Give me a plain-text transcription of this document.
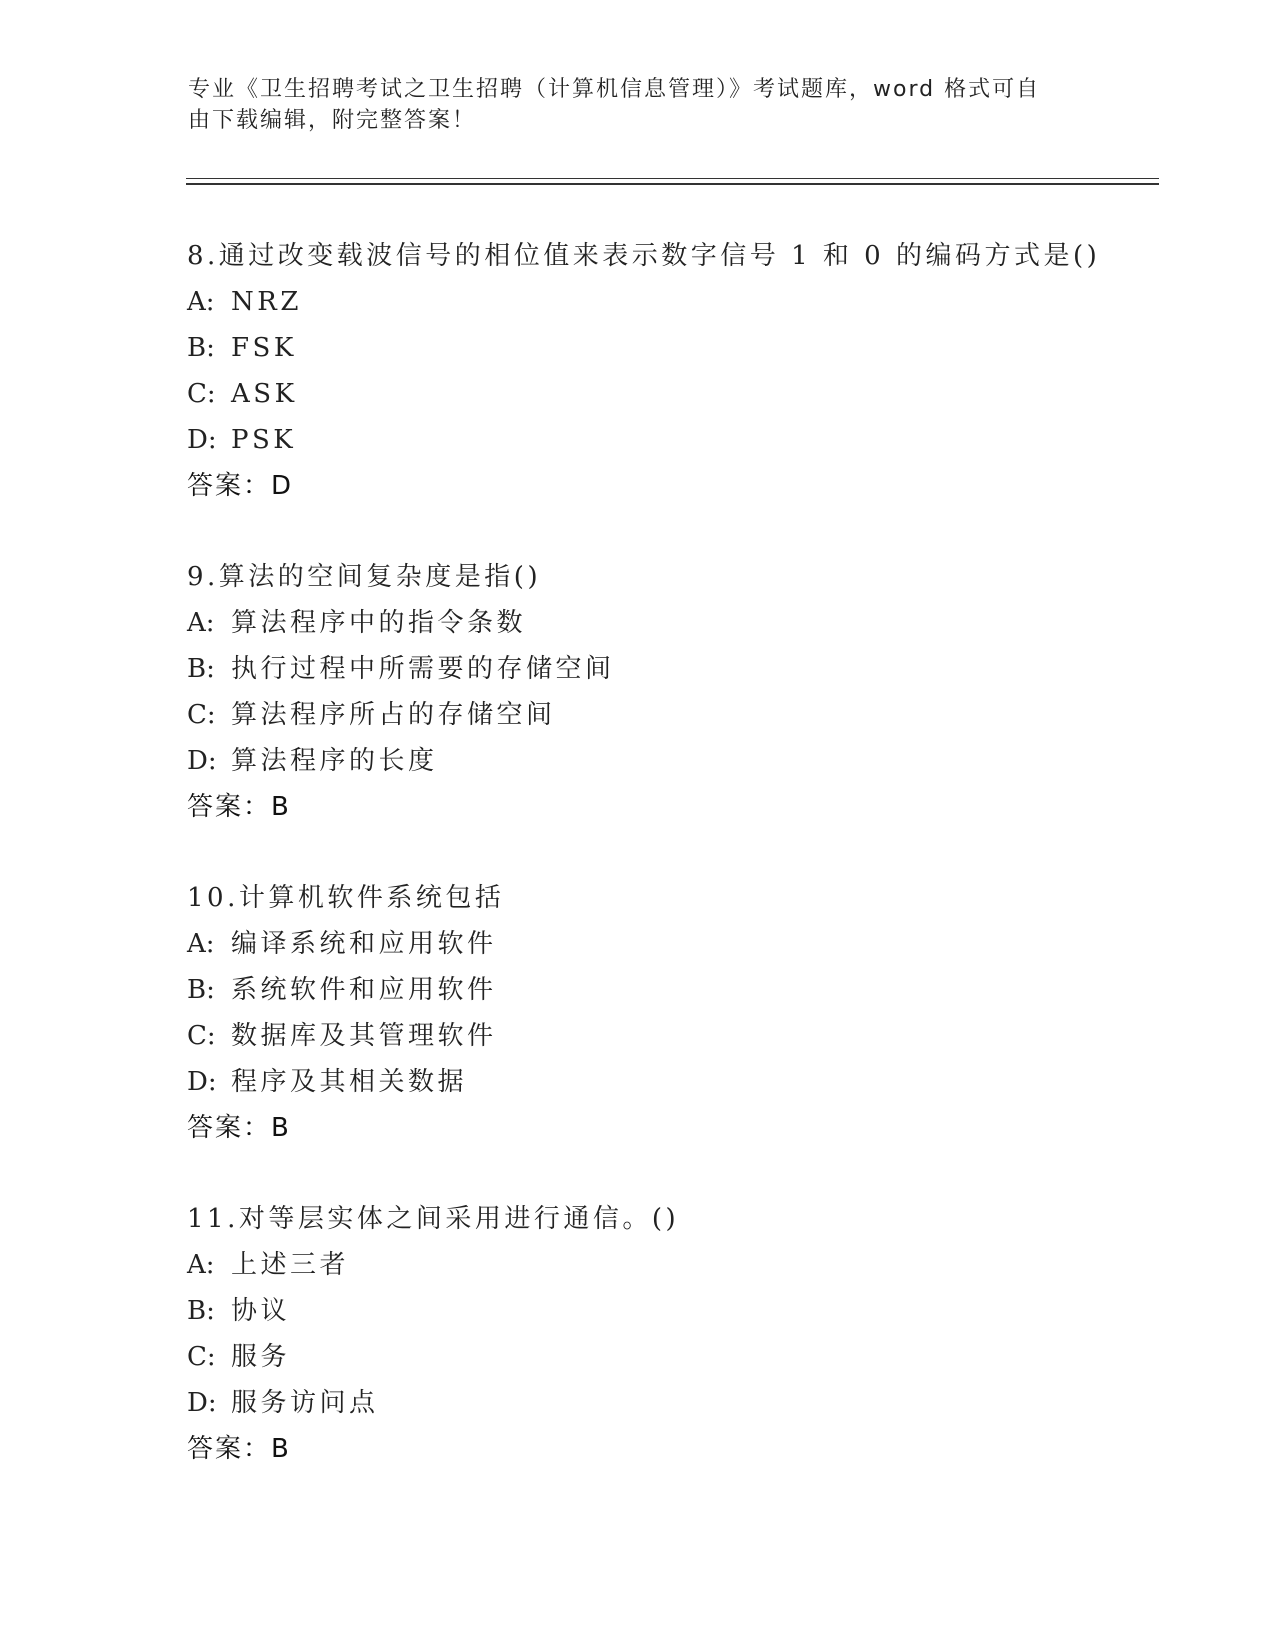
专业《卫生招聘考试之卫生招聘（计算机信息管理）》考试题库，word 格式可自
由下载编辑，附完整答案！
8.通过改变载波信号的相位值来表示数字信号 1 和 0 的编码方式是()
A: NRZ
B: FSK
C: ASK
D: PSK
答案：D
9.算法的空间复杂度是指()
A: 算法程序中的指令条数
B: 执行过程中所需要的存储空间
C: 算法程序所占的存储空间
D: 算法程序的长度
答案：B
10.计算机软件系统包括
A: 编译系统和应用软件
B: 系统软件和应用软件
C: 数据库及其管理软件
D: 程序及其相关数据
答案：B
11.对等层实体之间采用进行通信。()
A: 上述三者
B: 协议
C: 服务
D: 服务访问点
答案：B
